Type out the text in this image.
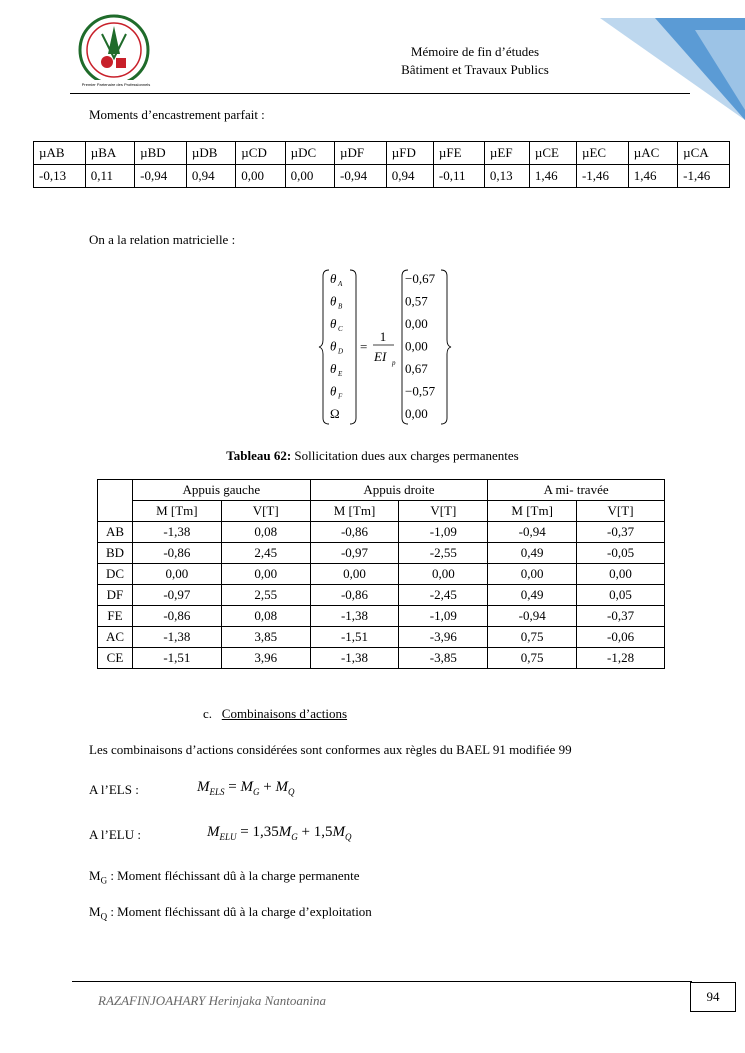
Premier Partenaire des Professionnels
Mémoire de fin d’études
Bâtiment et Travaux Publics
Moments d’encastrement parfait :
µAB	µBA	µBD	µDB	µCD	µDC	µDF	µFD	µFE	µEF	µCE	µEC	µAC	µCA
-0,13	0,11	-0,94	0,94	0,00	0,00	-0,94	0,94	-0,11	0,13	1,46	-1,46	1,46	-1,46
On a la relation matricielle :
θ A
θ B
θ C
θ D
θ E
θ F
Ω
=
1
EI p
−0,67
0,57
0,00
0,00
0,67
−0,57
0,00
Tableau 62: Sollicitation dues aux charges permanentes
	Appuis gauche		Appuis droite		A mi- travée	
	M [Tm]	V[T]	M [Tm]	V[T]	M [Tm]	V[T]
AB	-1,38	0,08	-0,86	-1,09	-0,94	-0,37
BD	-0,86	2,45	-0,97	-2,55	0,49	-0,05
DC	0,00	0,00	0,00	0,00	0,00	0,00
DF	-0,97	2,55	-0,86	-2,45	0,49	0,05
FE	-0,86	0,08	-1,38	-1,09	-0,94	-0,37
AC	-1,38	3,85	-1,51	-3,96	0,75	-0,06
CE	-1,51	3,96	-1,38	-3,85	0,75	-1,28
c. Combinaisons d’actions
Les combinaisons d’actions considérées sont conformes aux règles du BAEL 91 modifiée 99
A l’ELS :	$M_{ELS} = M_G + M_Q$
A l’ELU :	$M_{ELU} = 1,35M_G + 1,5M_Q$
$M_G$ : Moment fléchissant dû à la charge permanente
$M_Q$ : Moment fléchissant dû à la charge d’exploitation
RAZAFINJOAHARY Herinjaka Nantoanina	94
